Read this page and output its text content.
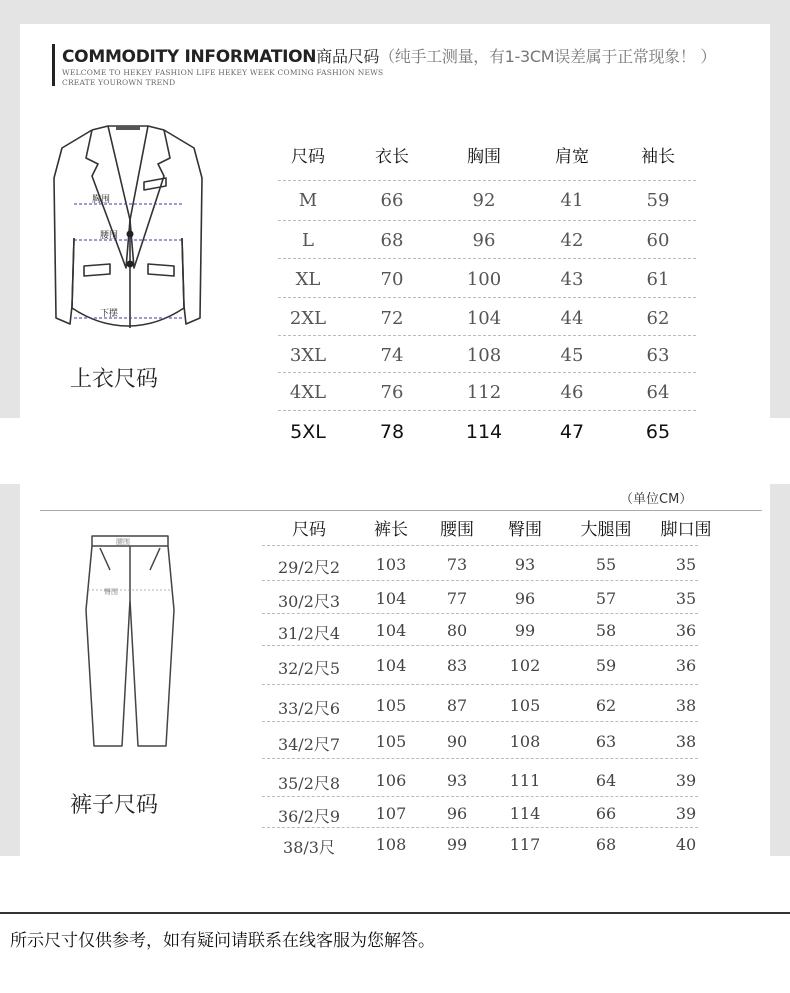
COMMODITY INFORMATION商品尺码（纯手工测量，有1-3CM误差属于正常现象！ ）
WELCOME TO HEKEY FASHION LIFE HEKEY WEEK COMING FASHION NEWS
CREATE YOUROWN TREND
胸围
腰围
下摆
上衣尺码
尺码	衣长	胸围	肩宽	袖长
M	66	92	41	59
L	68	96	42	60
XL	70	100	43	61
2XL	72	104	44	62
3XL	74	108	45	63
4XL	76	112	46	64
5XL	78	114	47	65
（单位CM）
腰围
臀围
裤子尺码
尺码	裤长	腰围	臀围	大腿围	脚口围
29/2尺2	103	73	93	55	35
30/2尺3	104	77	96	57	35
31/2尺4	104	80	99	58	36
32/2尺5	104	83	102	59	36
33/2尺6	105	87	105	62	38
34/2尺7	105	90	108	63	38
35/2尺8	106	93	111	64	39
36/2尺9	107	96	114	66	39
38/3尺	108	99	117	68	40
所示尺寸仅供参考，如有疑问请联系在线客服为您解答。
